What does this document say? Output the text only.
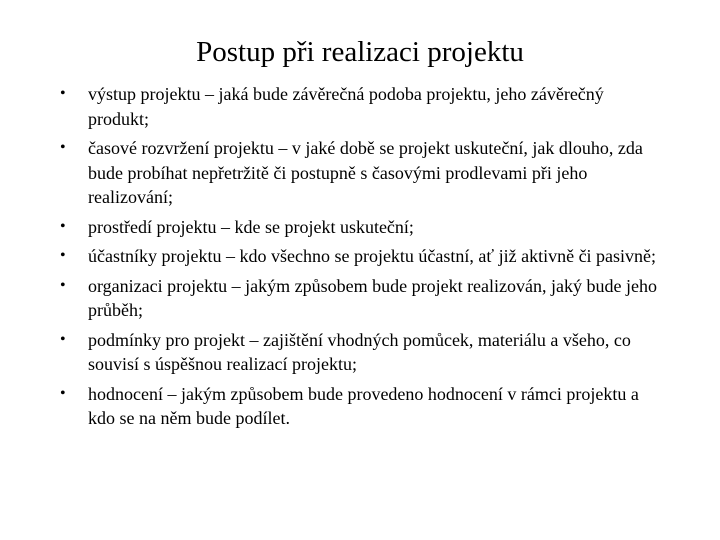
Postup při realizaci projektu
•	výstup projektu – jaká bude závěrečná podoba projektu, jeho závěrečný produkt;
•	časové rozvržení projektu – v jaké době se projekt uskuteční, jak dlouho, zda bude probíhat nepřetržitě či postupně s časovými prodlevami při jeho realizování;
•	prostředí projektu – kde se projekt uskuteční;
•	účastníky projektu – kdo všechno se projektu účastní, ať již aktivně či pasivně;
•	organizaci projektu – jakým způsobem bude projekt realizován, jaký bude jeho průběh;
•	podmínky pro projekt – zajištění vhodných pomůcek, materiálu a všeho, co souvisí s úspěšnou realizací projektu;
•	hodnocení – jakým způsobem bude provedeno hodnocení v rámci projektu a kdo se na něm bude podílet.
